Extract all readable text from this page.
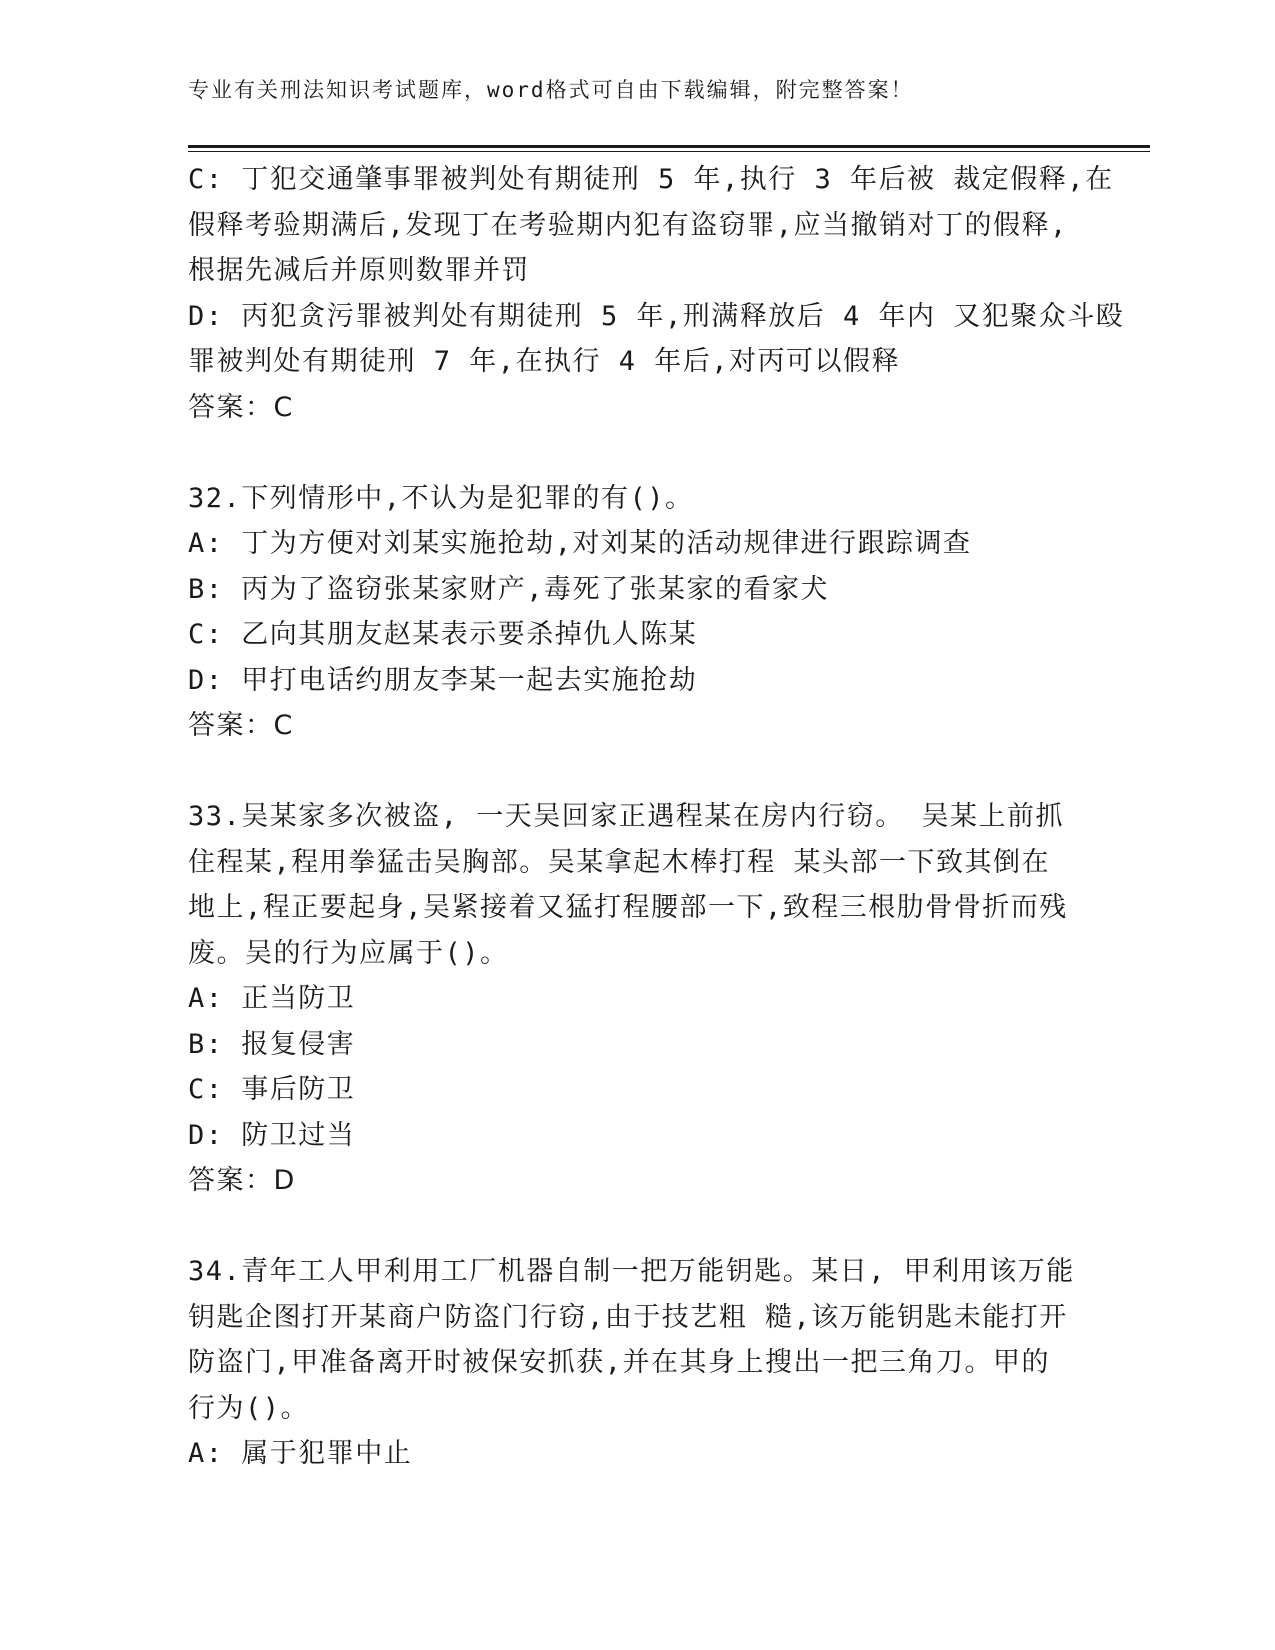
专业有关刑法知识考试题库，word格式可自由下载编辑，附完整答案！
C: 丁犯交通肇事罪被判处有期徒刑 5 年,执行 3 年后被 裁定假释,在
假释考验期满后,发现丁在考验期内犯有盗窃罪,应当撤销对丁的假释,
根据先减后并原则数罪并罚
D: 丙犯贪污罪被判处有期徒刑 5 年,刑满释放后 4 年内 又犯聚众斗殴
罪被判处有期徒刑 7 年,在执行 4 年后,对丙可以假释
答案：C
32.下列情形中,不认为是犯罪的有()。
A: 丁为方便对刘某实施抢劫,对刘某的活动规律进行跟踪调查
B: 丙为了盗窃张某家财产,毒死了张某家的看家犬
C: 乙向其朋友赵某表示要杀掉仇人陈某
D: 甲打电话约朋友李某一起去实施抢劫
答案：C
33.吴某家多次被盗, 一天吴回家正遇程某在房内行窃。 吴某上前抓
住程某,程用拳猛击吴胸部。吴某拿起木棒打程 某头部一下致其倒在
地上,程正要起身,吴紧接着又猛打程腰部一下,致程三根肋骨骨折而残
废。吴的行为应属于()。
A: 正当防卫
B: 报复侵害
C: 事后防卫
D: 防卫过当
答案：D
34.青年工人甲利用工厂机器自制一把万能钥匙。某日, 甲利用该万能
钥匙企图打开某商户防盗门行窃,由于技艺粗 糙,该万能钥匙未能打开
防盗门,甲准备离开时被保安抓获,并在其身上搜出一把三角刀。甲的
行为()。
A: 属于犯罪中止
